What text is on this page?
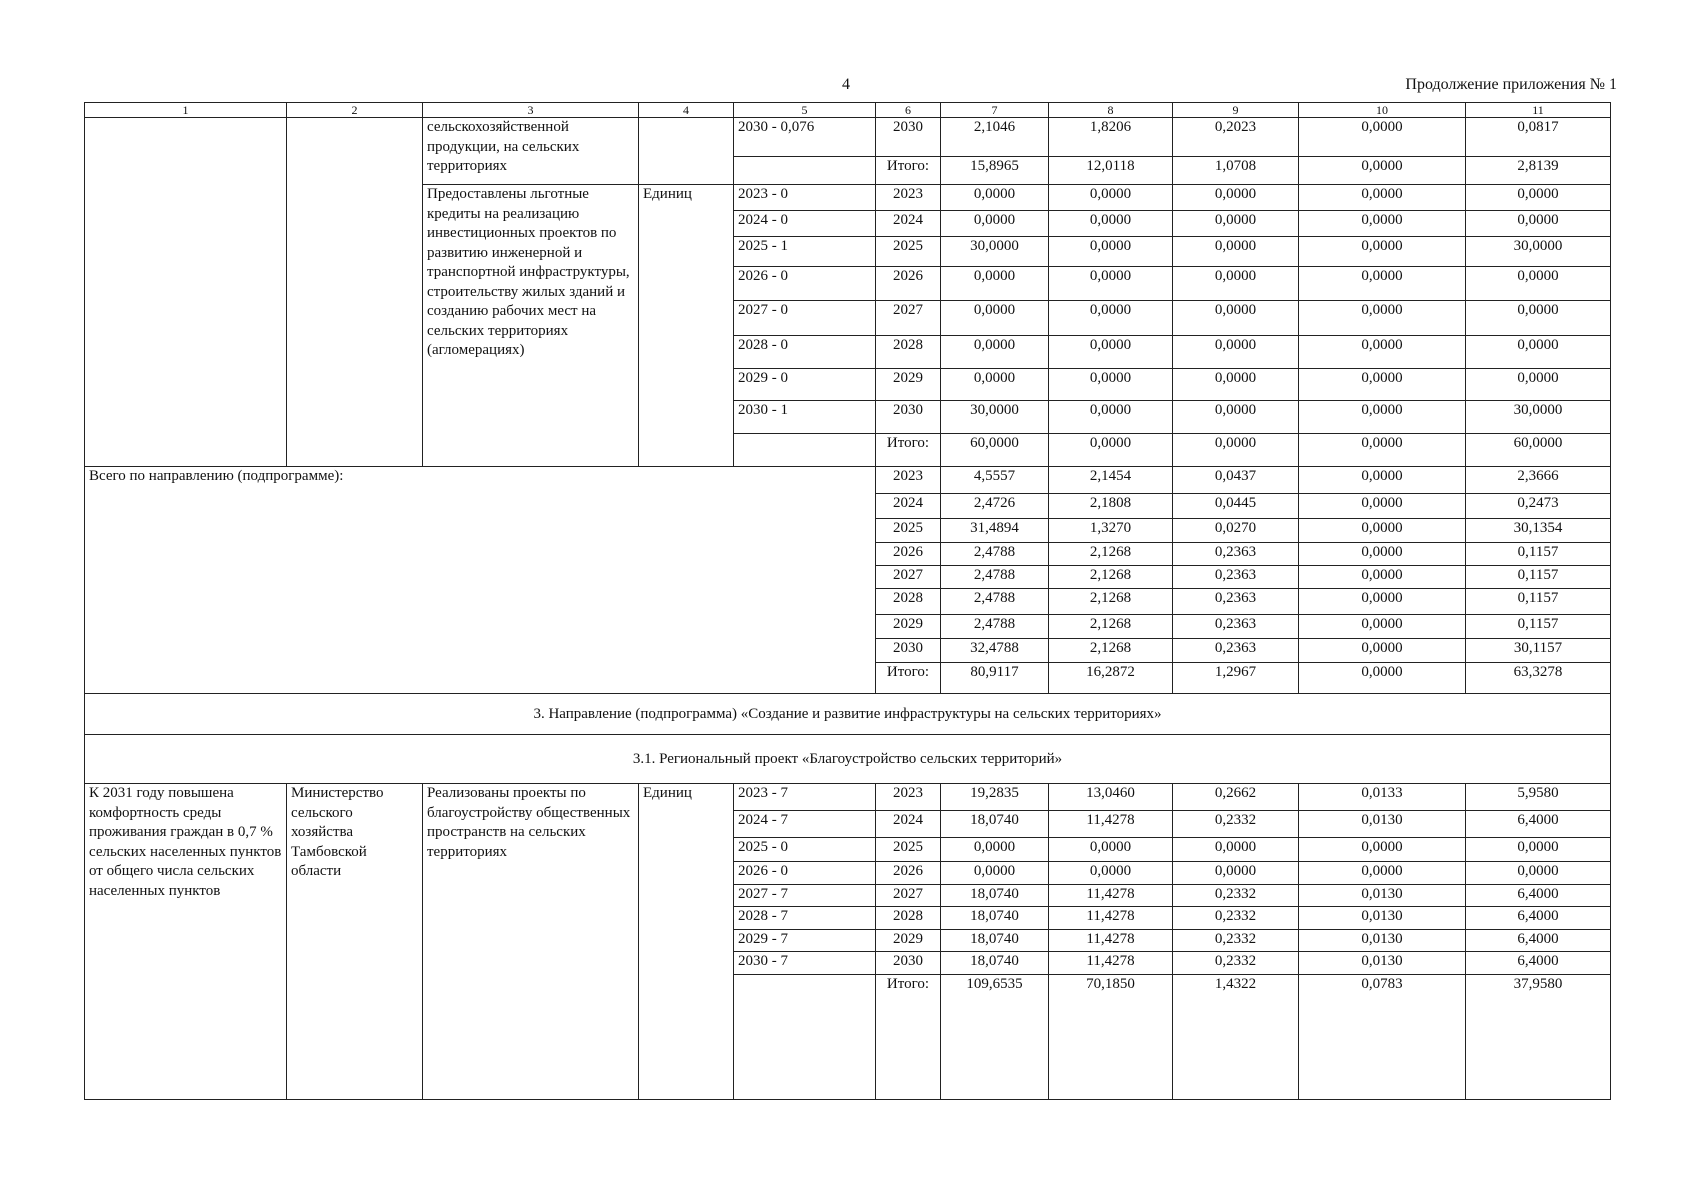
4	Продолжение приложения № 1
1	2	3	4	5	6	7	8	9	10	11
		сельскохозяйственной продукции, на сельских территориях		2030 - 0,076	2030	2,1046	1,8206	0,2023	0,0000	0,0817
					Итого:	15,8965	12,0118	1,0708	0,0000	2,8139
		Предоставлены льготные кредиты на реализацию инвестиционных проектов по развитию инженерной и транспортной инфраструктуры, строительству жилых зданий и созданию рабочих мест на сельских территориях (агломерациях)	Единиц	2023 - 0	2023	0,0000	0,0000	0,0000	0,0000	0,0000
				2024 - 0	2024	0,0000	0,0000	0,0000	0,0000	0,0000
				2025 - 1	2025	30,0000	0,0000	0,0000	0,0000	30,0000
				2026 - 0	2026	0,0000	0,0000	0,0000	0,0000	0,0000
				2027 - 0	2027	0,0000	0,0000	0,0000	0,0000	0,0000
				2028 - 0	2028	0,0000	0,0000	0,0000	0,0000	0,0000
				2029 - 0	2029	0,0000	0,0000	0,0000	0,0000	0,0000
				2030 - 1	2030	30,0000	0,0000	0,0000	0,0000	30,0000
					Итого:	60,0000	0,0000	0,0000	0,0000	60,0000
Всего по направлению (подпрограмме):					2023	4,5557	2,1454	0,0437	0,0000	2,3666
					2024	2,4726	2,1808	0,0445	0,0000	0,2473
					2025	31,4894	1,3270	0,0270	0,0000	30,1354
					2026	2,4788	2,1268	0,2363	0,0000	0,1157
					2027	2,4788	2,1268	0,2363	0,0000	0,1157
					2028	2,4788	2,1268	0,2363	0,0000	0,1157
					2029	2,4788	2,1268	0,2363	0,0000	0,1157
					2030	32,4788	2,1268	0,2363	0,0000	30,1157
					Итого:	80,9117	16,2872	1,2967	0,0000	63,3278
3. Направление (подпрограмма) «Создание и развитие инфраструктуры на сельских территориях»										
3.1. Региональный проект «Благоустройство сельских территорий»										
К 2031 году повышена комфортность среды проживания граждан в 0,7 % сельских населенных пунктов от общего числа сельских населенных пунктов	Министерство сельского хозяйства Тамбовской области	Реализованы проекты по благоустройству общественных пространств на сельских территориях	Единиц	2023 - 7	2023	19,2835	13,0460	0,2662	0,0133	5,9580
				2024 - 7	2024	18,0740	11,4278	0,2332	0,0130	6,4000
				2025 - 0	2025	0,0000	0,0000	0,0000	0,0000	0,0000
				2026 - 0	2026	0,0000	0,0000	0,0000	0,0000	0,0000
				2027 - 7	2027	18,0740	11,4278	0,2332	0,0130	6,4000
				2028 - 7	2028	18,0740	11,4278	0,2332	0,0130	6,4000
				2029 - 7	2029	18,0740	11,4278	0,2332	0,0130	6,4000
				2030 - 7	2030	18,0740	11,4278	0,2332	0,0130	6,4000
					Итого:	109,6535	70,1850	1,4322	0,0783	37,9580
